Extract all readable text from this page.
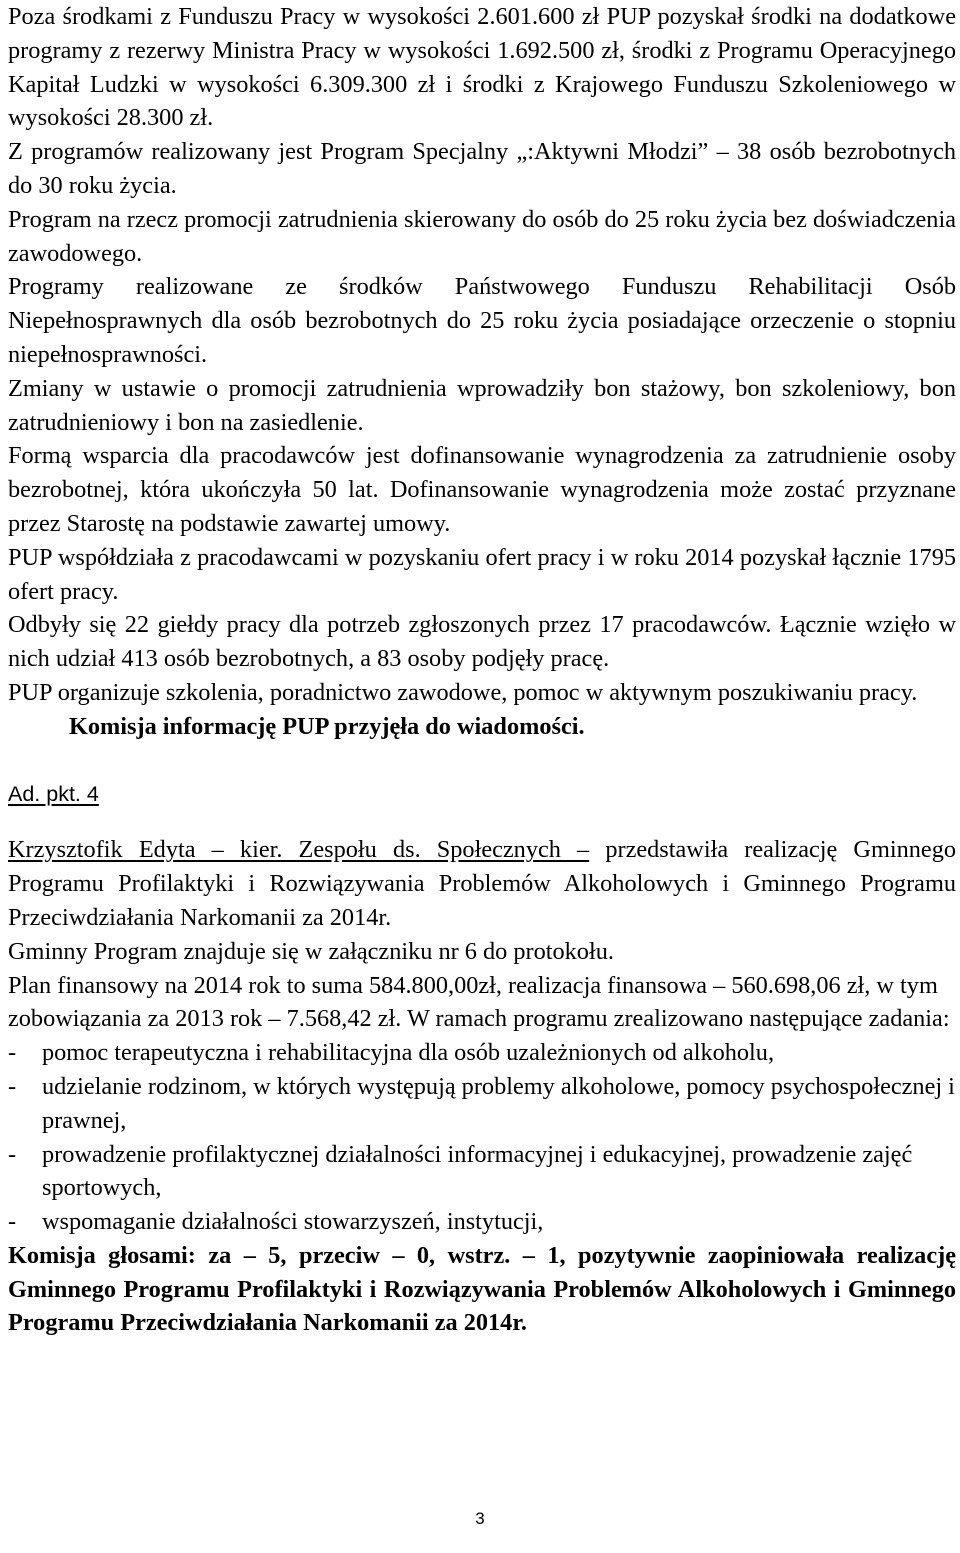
Poza środkami z Funduszu Pracy w wysokości 2.601.600 zł PUP pozyskał środki na dodatkowe programy z rezerwy Ministra Pracy w wysokości 1.692.500 zł, środki z Programu Operacyjnego Kapitał Ludzki w wysokości 6.309.300 zł i środki z Krajowego Funduszu Szkoleniowego w wysokości 28.300 zł.

Z programów realizowany jest Program Specjalny „:Aktywni Młodzi” – 38 osób bezrobotnych do 30 roku życia.

Program na rzecz promocji zatrudnienia skierowany do osób do 25 roku życia bez doświadczenia zawodowego.

Programy realizowane ze środków Państwowego Funduszu Rehabilitacji Osób Niepełnosprawnych dla osób bezrobotnych do 25 roku życia posiadające orzeczenie o stopniu niepełnosprawności.

Zmiany w ustawie o promocji zatrudnienia wprowadziły bon stażowy, bon szkoleniowy, bon zatrudnieniowy i bon na zasiedlenie.

Formą wsparcia dla pracodawców jest dofinansowanie wynagrodzenia za zatrudnienie osoby bezrobotnej, która ukończyła 50 lat. Dofinansowanie wynagrodzenia może zostać przyznane przez Starostę na podstawie zawartej umowy.

PUP współdziała z pracodawcami w pozyskaniu ofert pracy i w roku 2014 pozyskał łącznie 1795 ofert pracy.

Odbyły się 22 giełdy pracy dla potrzeb zgłoszonych przez 17 pracodawców. Łącznie wzięło w nich udział 413 osób bezrobotnych, a 83 osoby podjęły pracę.

PUP organizuje szkolenia, poradnictwo zawodowe, pomoc w aktywnym poszukiwaniu pracy.

Komisja informację PUP przyjęła do wiadomości.

Ad. pkt. 4

Krzysztofik Edyta – kier. Zespołu ds. Społecznych – przedstawiła realizację Gminnego Programu Profilaktyki i Rozwiązywania Problemów Alkoholowych i Gminnego Programu Przeciwdziałania Narkomanii za 2014r.

Gminny Program znajduje się w załączniku nr 6 do protokołu.

Plan finansowy na 2014 rok to suma 584.800,00zł, realizacja finansowa – 560.698,06 zł, w tym zobowiązania za 2013 rok – 7.568,42 zł. W ramach programu zrealizowano następujące zadania:

- pomoc terapeutyczna i rehabilitacyjna dla osób uzależnionych od alkoholu,
- udzielanie rodzinom, w których występują problemy alkoholowe, pomocy psychospołecznej i prawnej,
- prowadzenie profilaktycznej działalności informacyjnej i edukacyjnej, prowadzenie zajęć sportowych,
- wspomaganie działalności stowarzyszeń, instytucji,

Komisja głosami: za – 5, przeciw – 0, wstrz. – 1, pozytywnie zaopiniowała realizację Gminnego Programu Profilaktyki i Rozwiązywania Problemów Alkoholowych i Gminnego Programu Przeciwdziałania Narkomanii za 2014r.

3
